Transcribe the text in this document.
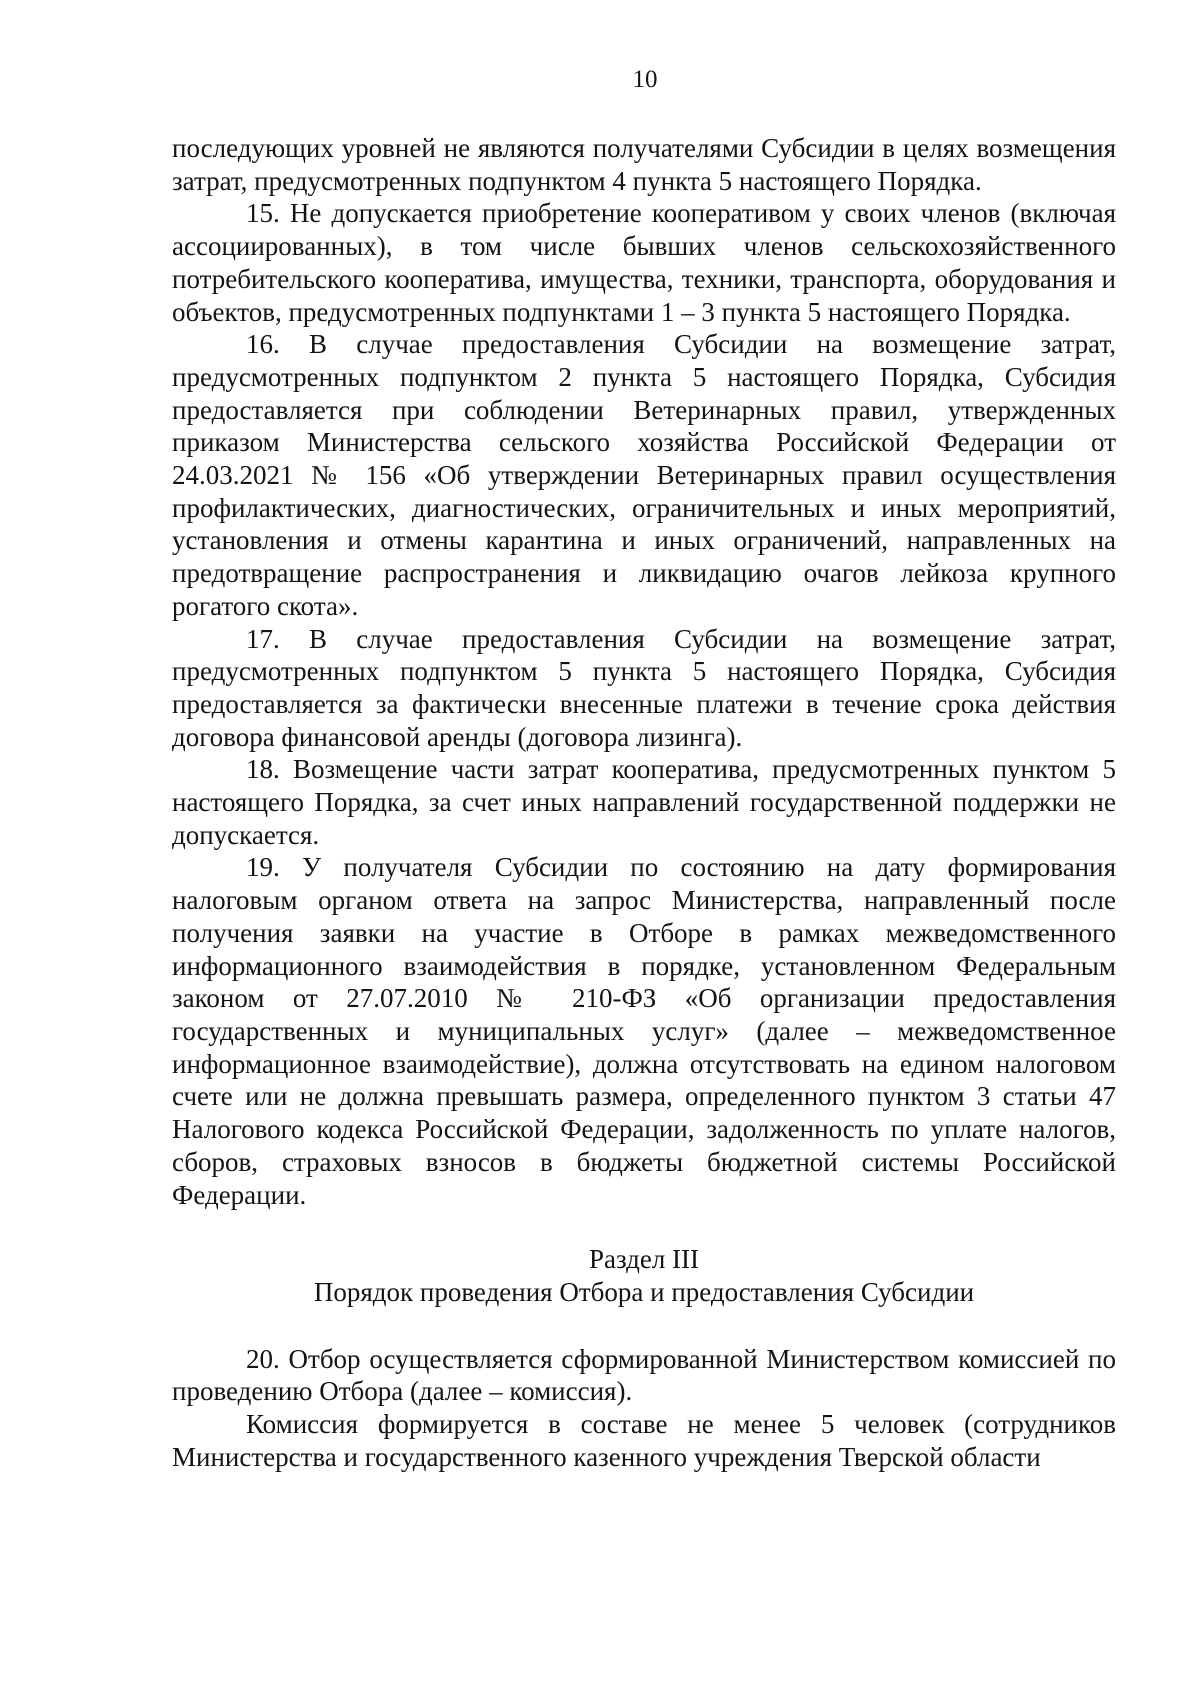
10

последующих уровней не являются получателями Субсидии в целях возмещения затрат, предусмотренных подпунктом 4 пункта 5 настоящего Порядка.

15. Не допускается приобретение кооперативом у своих членов (включая ассоциированных), в том числе бывших членов сельскохозяйственного потребительского кооператива, имущества, техники, транспорта, оборудования и объектов, предусмотренных подпунктами 1 – 3 пункта 5 настоящего Порядка.

16. В случае предоставления Субсидии на возмещение затрат, предусмотренных подпунктом 2 пункта 5 настоящего Порядка, Субсидия предоставляется при соблюдении Ветеринарных правил, утвержденных приказом Министерства сельского хозяйства Российской Федерации от 24.03.2021 № 156 «Об утверждении Ветеринарных правил осуществления профилактических, диагностических, ограничительных и иных мероприятий, установления и отмены карантина и иных ограничений, направленных на предотвращение распространения и ликвидацию очагов лейкоза крупного рогатого скота».

17. В случае предоставления Субсидии на возмещение затрат, предусмотренных подпунктом 5 пункта 5 настоящего Порядка, Субсидия предоставляется за фактически внесенные платежи в течение срока действия договора финансовой аренды (договора лизинга).

18. Возмещение части затрат кооператива, предусмотренных пунктом 5 настоящего Порядка, за счет иных направлений государственной поддержки не допускается.

19. У получателя Субсидии по состоянию на дату формирования налоговым органом ответа на запрос Министерства, направленный после получения заявки на участие в Отборе в рамках межведомственного информационного взаимодействия в порядке, установленном Федеральным законом от 27.07.2010 № 210-ФЗ «Об организации предоставления государственных и муниципальных услуг» (далее – межведомственное информационное взаимодействие), должна отсутствовать на едином налоговом счете или не должна превышать размера, определенного пунктом 3 статьи 47 Налогового кодекса Российской Федерации, задолженность по уплате налогов, сборов, страховых взносов в бюджеты бюджетной системы Российской Федерации.

Раздел III

Порядок проведения Отбора и предоставления Субсидии

20. Отбор осуществляется сформированной Министерством комиссией по проведению Отбора (далее – комиссия).

Комиссия формируется в составе не менее 5 человек (сотрудников Министерства и государственного казенного учреждения Тверской области
